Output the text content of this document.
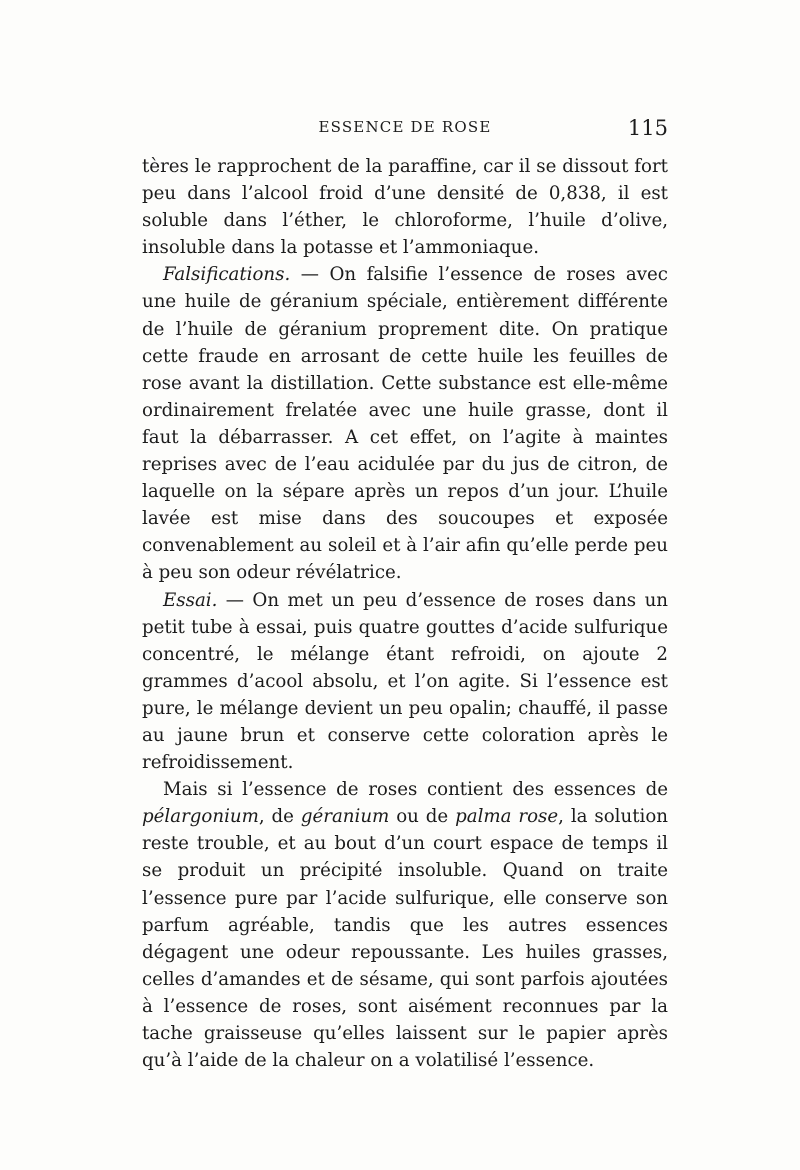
ESSENCE DE ROSE	115

tères le rapprochent de la paraffine, car il se dissout fort peu dans l’alcool froid d’une densité de 0,838, il est soluble dans l’éther, le chloroforme, l’huile d’olive, insoluble dans la potasse et l’ammoniaque.

Falsifications. — On falsifie l’essence de roses avec une huile de géranium spéciale, entièrement différente de l’huile de géranium proprement dite. On pratique cette fraude en arrosant de cette huile les feuilles de rose avant la distillation. Cette substance est elle-même ordinairement frelatée avec une huile grasse, dont il faut la débarrasser. A cet effet, on l’agite à maintes reprises avec de l’eau acidulée par du jus de citron, de laquelle on la sépare après un repos d’un jour. L’huile lavée est mise dans des soucoupes et exposée convenablement au soleil et à l’air afin qu’elle perde peu à peu son odeur révélatrice.

Essai. — On met un peu d’essence de roses dans un petit tube à essai, puis quatre gouttes d’acide sulfurique concentré, le mélange étant refroidi, on ajoute 2 grammes d’acool absolu, et l’on agite. Si l’essence est pure, le mélange devient un peu opalin; chauffé, il passe au jaune brun et conserve cette coloration après le refroidissement.

Mais si l’essence de roses contient des essences de pélargonium, de géranium ou de palma rose, la solution reste trouble, et au bout d’un court espace de temps il se produit un précipité insoluble. Quand on traite l’essence pure par l’acide sulfurique, elle conserve son parfum agréable, tandis que les autres essences dégagent une odeur repoussante. Les huiles grasses, celles d’amandes et de sésame, qui sont parfois ajoutées à l’essence de roses, sont aisément reconnues par la tache graisseuse qu’elles laissent sur le papier après qu’à l’aide de la chaleur on a volatilisé l’essence.
